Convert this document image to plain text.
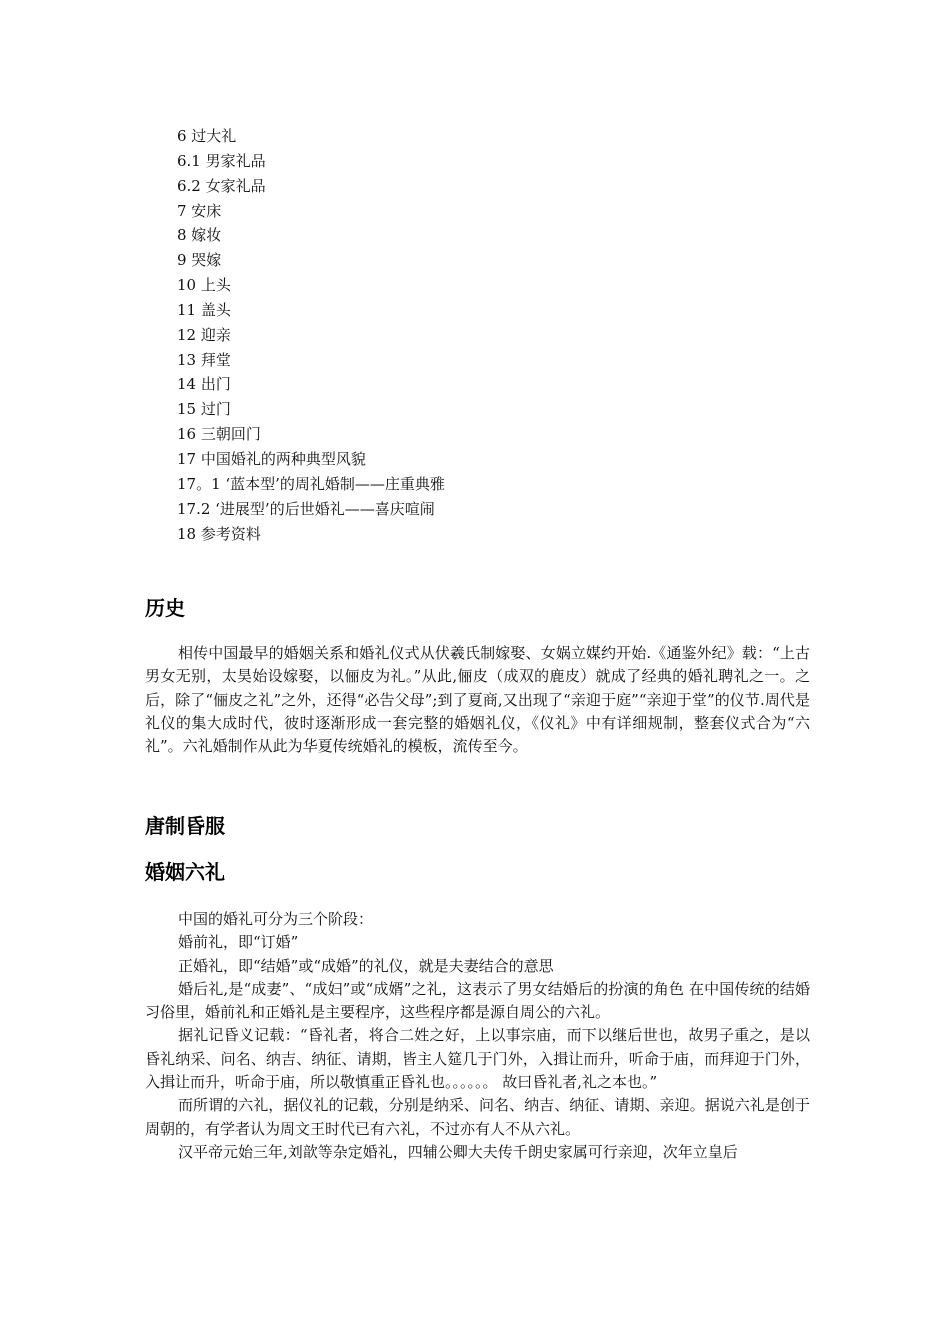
6 过大礼
6.1 男家礼品
6.2 女家礼品
7 安床
8 嫁妆
9 哭嫁
10 上头
11 盖头
12 迎亲
13 拜堂
14 出门
15 过门
16 三朝回门
17 中国婚礼的两种典型风貌
17。1 ‘蓝本型’的周礼婚制——庄重典雅
17.2 ‘进展型’的后世婚礼——喜庆喧闹
18 参考资料
历史

相传中国最早的婚姻关系和婚礼仪式从伏羲氏制嫁娶、女娲立媒约开始.《通鉴外纪》载：“上古男女无别，太昊始设嫁娶，以俪皮为礼。”从此,俪皮（成双的鹿皮）就成了经典的婚礼聘礼之一。之后，除了“俪皮之礼”之外，还得“必告父母”;到了夏商,又出现了“亲迎于庭”“亲迎于堂”的仪节.周代是礼仪的集大成时代，彼时逐渐形成一套完整的婚姻礼仪，《仪礼》中有详细规制，整套仪式合为“六礼”。六礼婚制作从此为华夏传统婚礼的模板，流传至今。

唐制昏服
婚姻六礼

中国的婚礼可分为三个阶段：

婚前礼，即“订婚”

正婚礼，即“结婚”或“成婚”的礼仪，就是夫妻结合的意思

婚后礼,是“成妻”、“成妇”或“成婿”之礼，这表示了男女结婚后的扮演的角色 在中国传统的结婚习俗里，婚前礼和正婚礼是主要程序，这些程序都是源自周公的六礼。

据礼记昏义记载：“昏礼者，将合二姓之好，上以事宗庙，而下以继后世也，故男子重之，是以昏礼纳采、问名、纳吉、纳征、请期，皆主人筵几于门外，入揖让而升，听命于庙，而拜迎于门外，入揖让而升，听命于庙，所以敬慎重正昏礼也。。。。。。 故曰昏礼者,礼之本也。”

而所谓的六礼，据仪礼的记载，分别是纳采、问名、纳吉、纳征、请期、亲迎。据说六礼是创于周朝的，有学者认为周文王时代已有六礼，不过亦有人不从六礼。

汉平帝元始三年,刘歆等杂定婚礼，四辅公卿大夫传千朗史家属可行亲迎，次年立皇后
